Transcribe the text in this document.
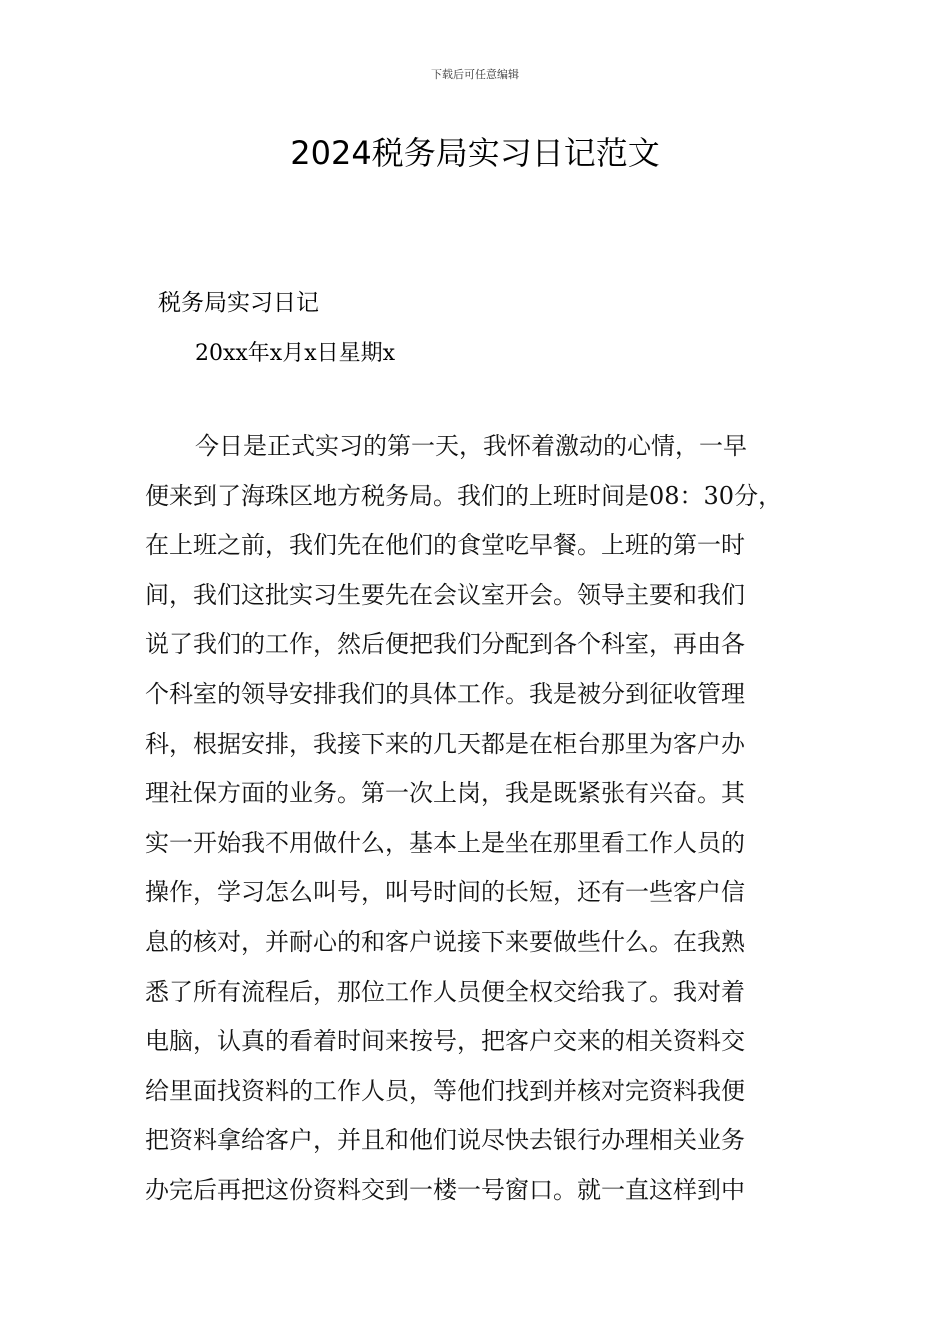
下载后可任意编辑
2024税务局实习日记范文
税务局实习日记
20xx年x月x日星期x
今日是正式实习的第一天，我怀着激动的心情，一早
便来到了海珠区地方税务局。我们的上班时间是08：30分，
在上班之前，我们先在他们的食堂吃早餐。上班的第一时
间，我们这批实习生要先在会议室开会。领导主要和我们
说了我们的工作，然后便把我们分配到各个科室，再由各
个科室的领导安排我们的具体工作。我是被分到征收管理
科，根据安排，我接下来的几天都是在柜台那里为客户办
理社保方面的业务。第一次上岗，我是既紧张有兴奋。其
实一开始我不用做什么，基本上是坐在那里看工作人员的
操作，学习怎么叫号，叫号时间的长短，还有一些客户信
息的核对，并耐心的和客户说接下来要做些什么。在我熟
悉了所有流程后，那位工作人员便全权交给我了。我对着
电脑，认真的看着时间来按号，把客户交来的相关资料交
给里面找资料的工作人员，等他们找到并核对完资料我便
把资料拿给客户，并且和他们说尽快去银行办理相关业务
办完后再把这份资料交到一楼一号窗口。就一直这样到中
